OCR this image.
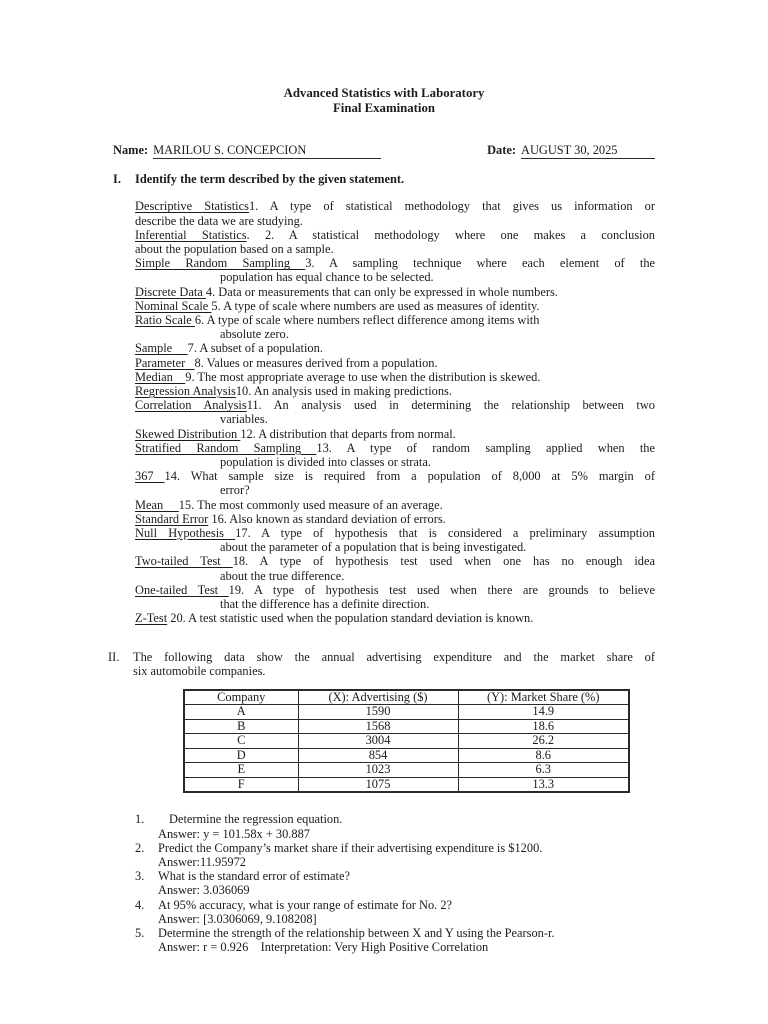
Advanced Statistics with Laboratory
Final Examination
Name: MARILOU S. CONCEPCION	Date: AUGUST 30, 2025
I.	Identify the term described by the given statement.
Descriptive Statistics1. A type of statistical methodology that gives us information or
describe the data we are studying.
Inferential Statistics. 2. A statistical methodology where one makes a conclusion
about the population based on a sample.
Simple Random Sampling 3. A sampling technique where each element of the
population has equal chance to be selected.
Discrete Data 4. Data or measurements that can only be expressed in whole numbers.
Nominal Scale 5. A type of scale where numbers are used as measures of identity.
Ratio Scale 6. A type of scale where numbers reflect difference among items with
absolute zero.
Sample     7. A subset of a population.
Parameter   8. Values or measures derived from a population.
Median    9. The most appropriate average to use when the distribution is skewed.
Regression Analysis10. An analysis used in making predictions.
Correlation Analysis11. An analysis used in determining the relationship between two
variables.
Skewed Distribution 12. A distribution that departs from normal.
Stratified Random Sampling 13. A type of random sampling applied when the
population is divided into classes or strata.
367 14. What sample size is required from a population of 8,000 at 5% margin of
error?
Mean     15. The most commonly used measure of an average.
Standard Error 16. Also known as standard deviation of errors.
Null Hypothesis 17. A type of hypothesis that is considered a preliminary assumption
about the parameter of a population that is being investigated.
Two-tailed Test 18. A type of hypothesis test used when one has no enough idea
about the true difference.
One-tailed Test 19. A type of hypothesis test used when there are grounds to believe
that the difference has a definite direction.
Z-Test 20. A test statistic used when the population standard deviation is known.
II.	The following data show the annual advertising expenditure and the market share of
six automobile companies.
Company	(X): Advertising ($)	(Y): Market Share (%)
A	1590	14.9
B	1568	18.6
C	3004	26.2
D	854	8.6
E	1023	6.3
F	1075	13.3
1.	Determine the regression equation.
Answer: y = 101.58x + 30.887
2.	Predict the Company’s market share if their advertising expenditure is $1200.
Answer:11.95972
3.	What is the standard error of estimate?
Answer: 3.036069
4.	At 95% accuracy, what is your range of estimate for No. 2?
Answer: [3.0306069, 9.108208]
5.	Determine the strength of the relationship between X and Y using the Pearson-r.
Answer: r = 0.926    Interpretation: Very High Positive Correlation
